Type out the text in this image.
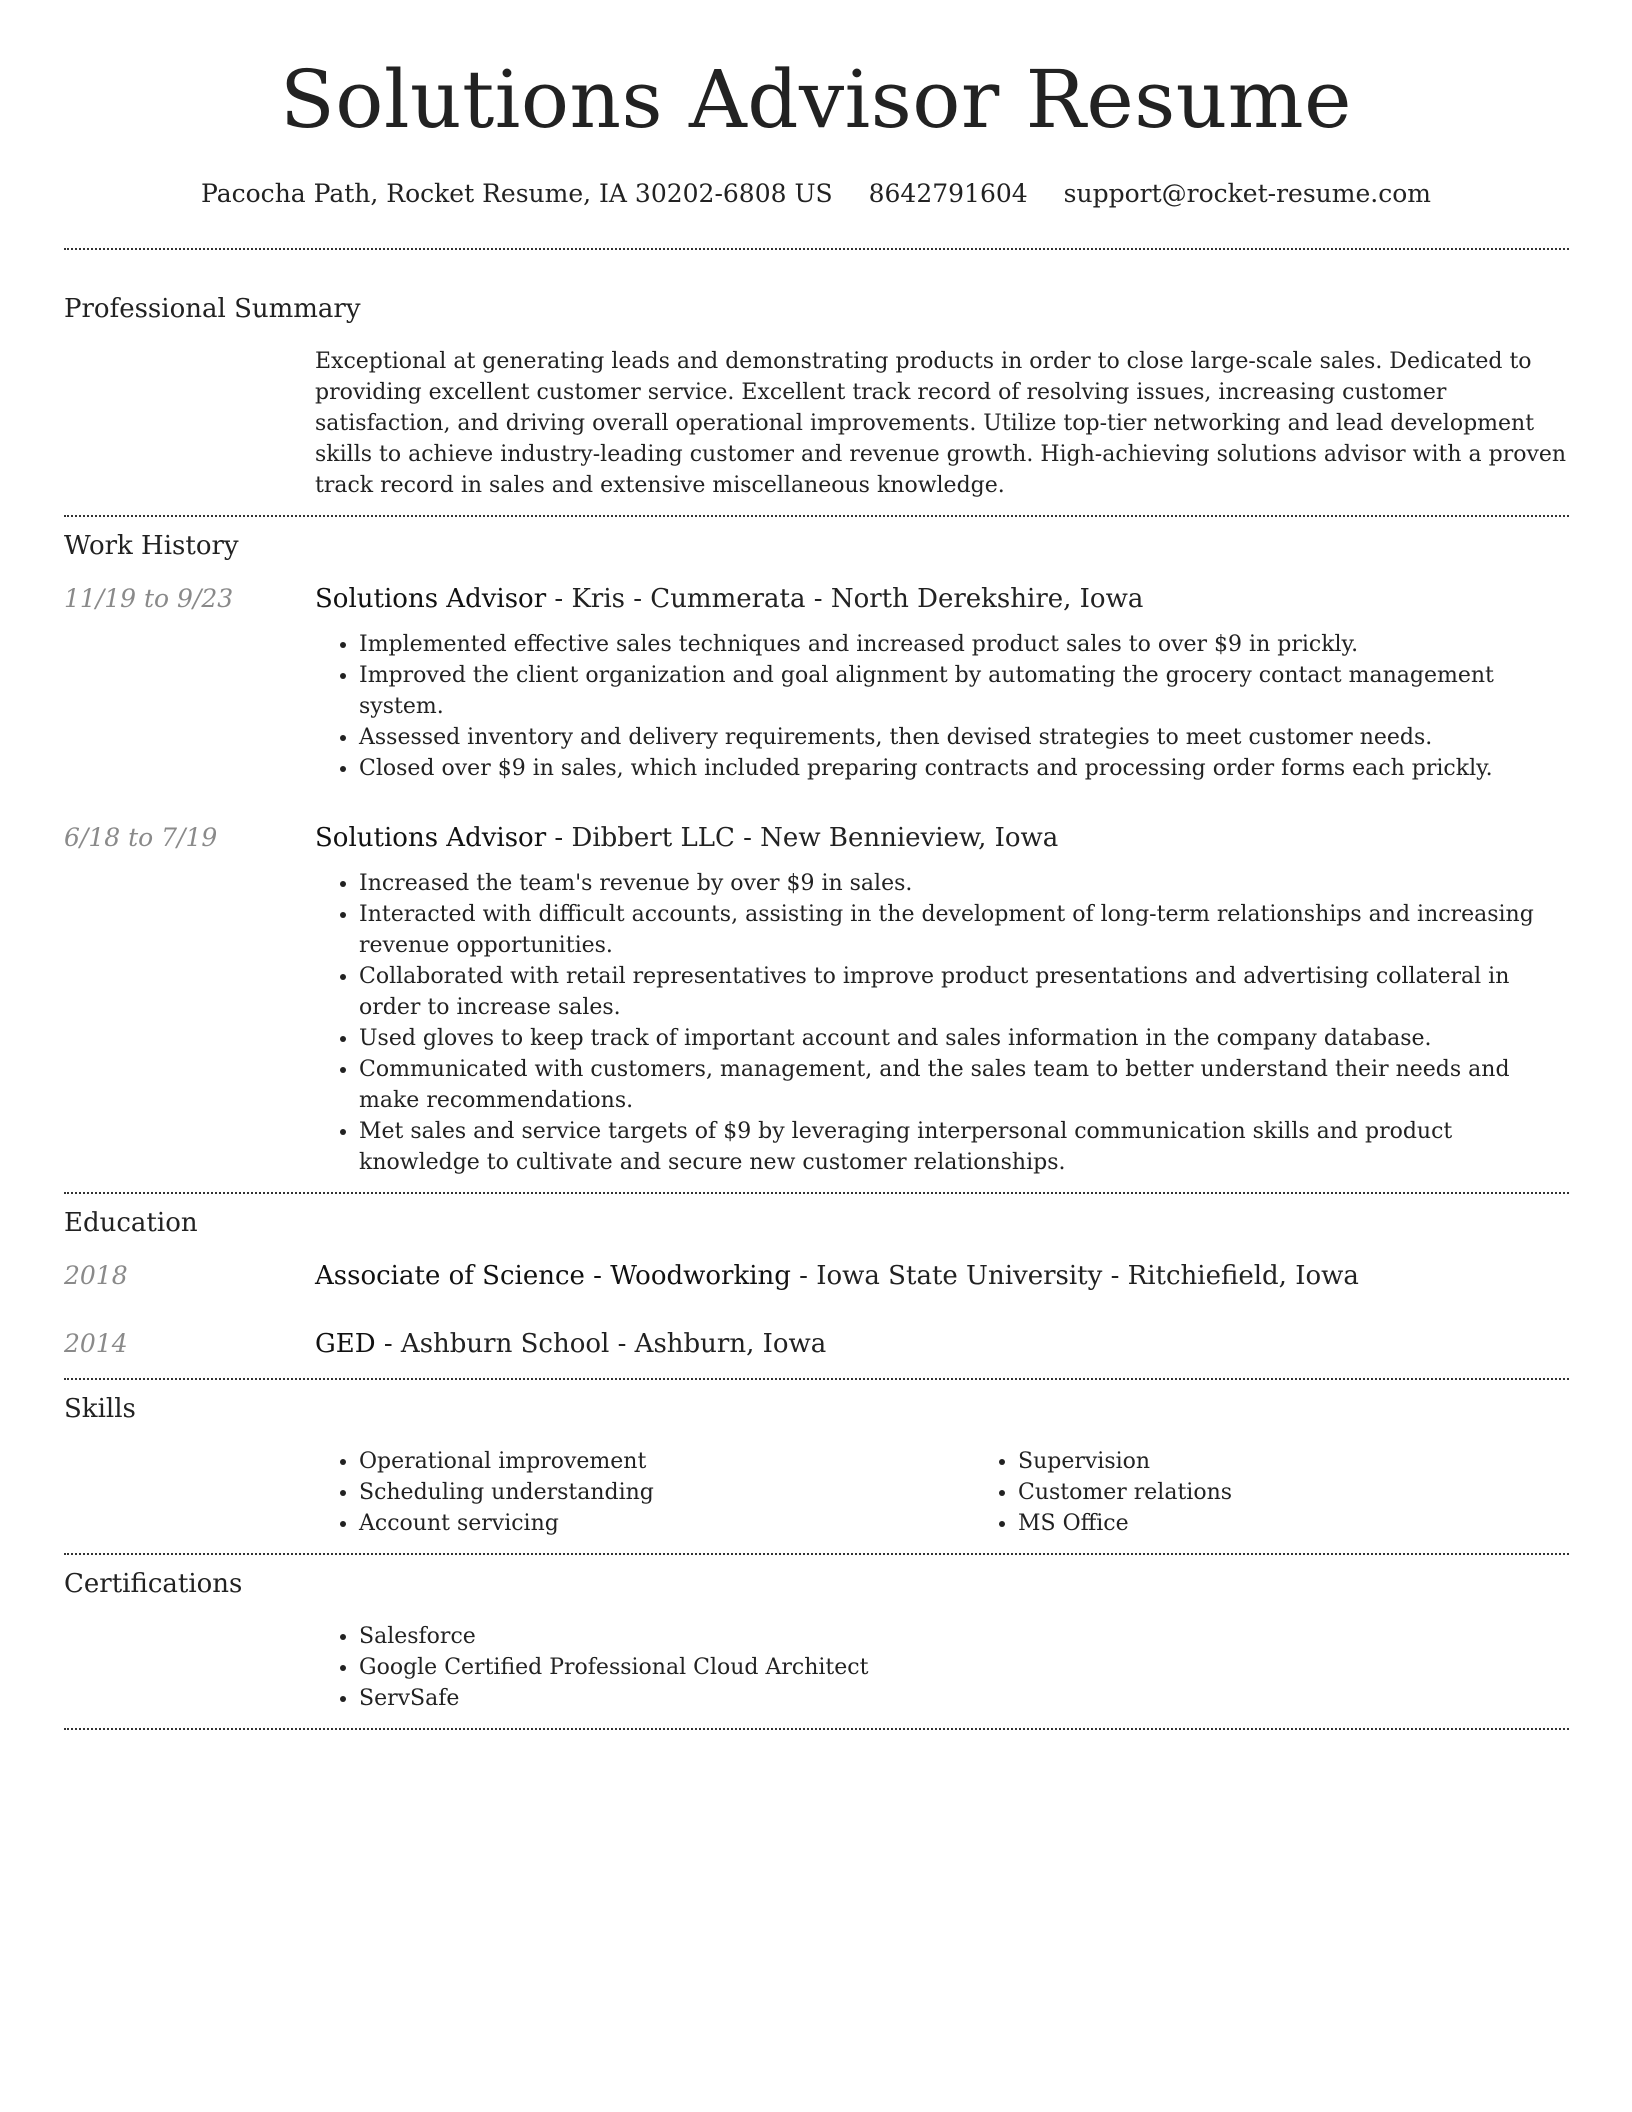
Solutions Advisor Resume
Pacocha Path, Rocket Resume, IA 30202-6808 US 8642791604 support@rocket-resume.com
Professional Summary

Exceptional at generating leads and demonstrating products in order to close large-scale sales. Dedicated to providing excellent customer service. Excellent track record of resolving issues, increasing customer satisfaction, and driving overall operational improvements. Utilize top-tier networking and lead development skills to achieve industry-leading customer and revenue growth. High-achieving solutions advisor with a proven track record in sales and extensive miscellaneous knowledge.

Work History
11/19 to 9/23	Solutions Advisor - Kris - Cummerata - North Derekshire, Iowa

• Implemented effective sales techniques and increased product sales to over $9 in prickly.
• Improved the client organization and goal alignment by automating the grocery contact management system.
• Assessed inventory and delivery requirements, then devised strategies to meet customer needs.
• Closed over $9 in sales, which included preparing contracts and processing order forms each prickly.
6/18 to 7/19	Solutions Advisor - Dibbert LLC - New Bennieview, Iowa

• Increased the team's revenue by over $9 in sales.
• Interacted with difficult accounts, assisting in the development of long-term relationships and increasing revenue opportunities.
• Collaborated with retail representatives to improve product presentations and advertising collateral in order to increase sales.
• Used gloves to keep track of important account and sales information in the company database.
• Communicated with customers, management, and the sales team to better understand their needs and make recommendations.
• Met sales and service targets of $9 by leveraging interpersonal communication skills and product knowledge to cultivate and secure new customer relationships.
Education
2018	Associate of Science - Woodworking - Iowa State University - Ritchiefield, Iowa

2014	GED - Ashburn School - Ashburn, Iowa

Skills
• Operational improvement
• Scheduling understanding
• Account servicing
• Supervision
• Customer relations
• MS Office
Certifications
• Salesforce
• Google Certified Professional Cloud Architect
• ServSafe
